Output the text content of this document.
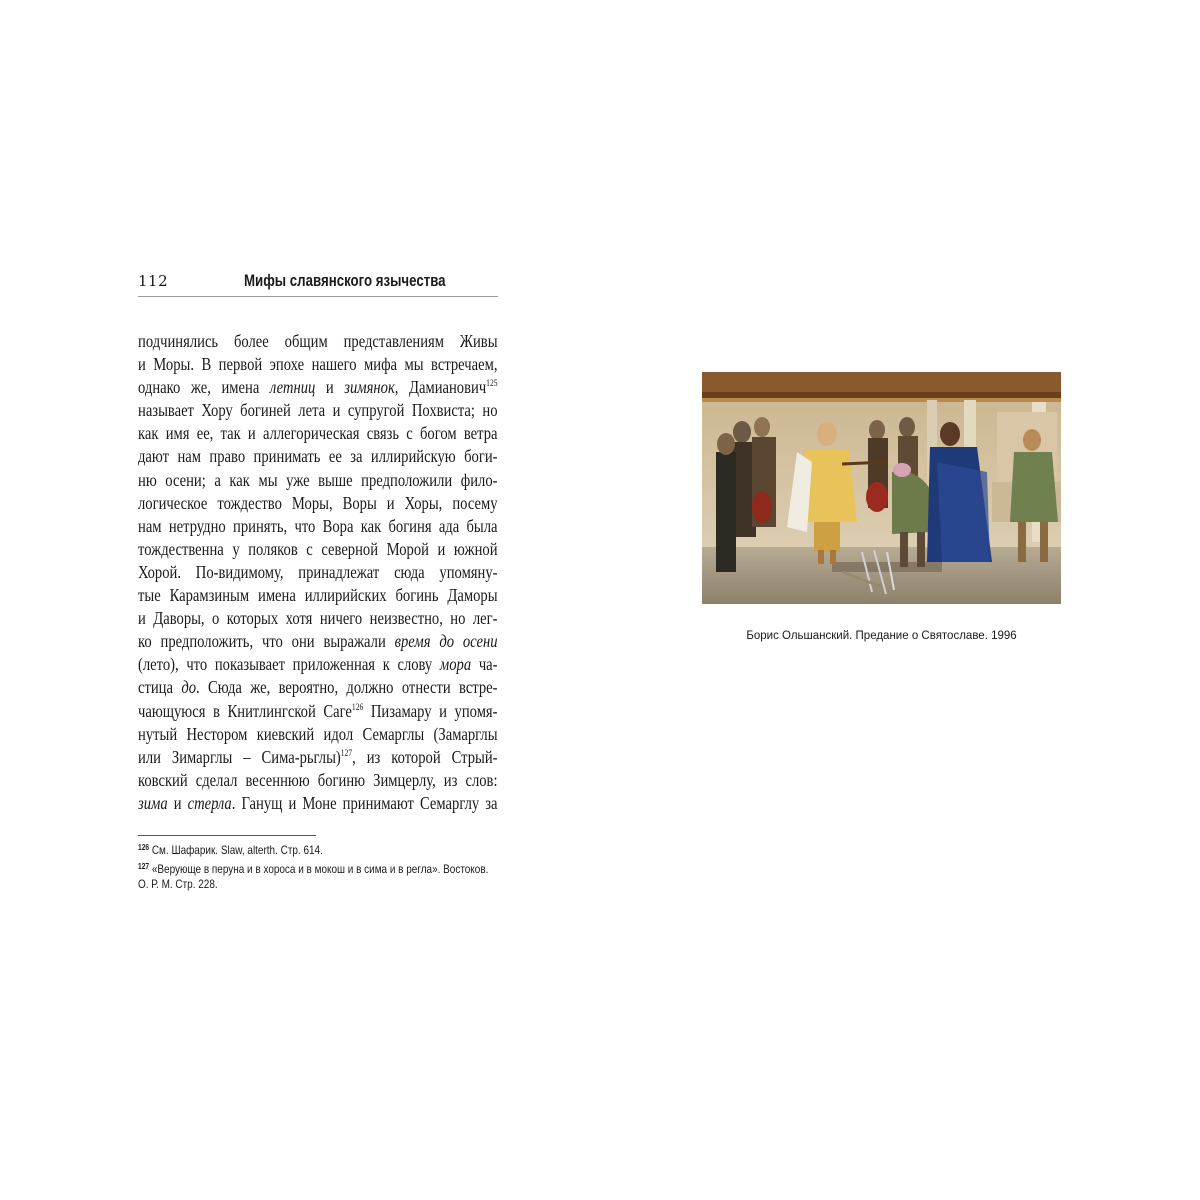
112	Мифы славянского язычества
подчинялись более общим представлениям Живы
и Моры. В первой эпохе нашего мифа мы встречаем,
однако же, имена летниц и зимянок, Дамианович$^{125}$
называет Хору богиней лета и супругой Похвиста; но
как имя ее, так и аллегорическая связь с богом ветра
дают нам право принимать ее за иллирийскую боги-
ню осени; а как мы уже выше предположили фило-
логическое тождество Моры, Воры и Хоры, посему
нам нетрудно принять, что Вора как богиня ада была
тождественна у поляков с северной Морой и южной
Хорой. По-видимому, принадлежат сюда упомяну-
тые Карамзиным имена иллирийских богинь Даморы
и Даворы, о которых хотя ничего неизвестно, но лег-
ко предположить, что они выражали время до осени
(лето), что показывает приложенная к слову мора ча-
стица до. Сюда же, вероятно, должно отнести встре-
чающуюся в Книтлингской Саге$^{126}$ Пизамару и упомя-
нутый Нестором киевский идол Семарглы (Замарглы
или Зимарглы – Сима-рьглы)$^{127}$, из которой Стрый-
ковский сделал весеннюю богиню Зимцерлу, из слов:
зима и стерла. Ганущ и Моне принимают Семарглу за
$^{126}$ См. Шафарик. Slaw, alterth. Стр. 614.
$^{127}$ «Верующе в перуна и в хороса и в мокош и в сима и в регла». Востоков.
О. Р. М. Стр. 228.
Борис Ольшанский. Предание о Святославе. 1996
